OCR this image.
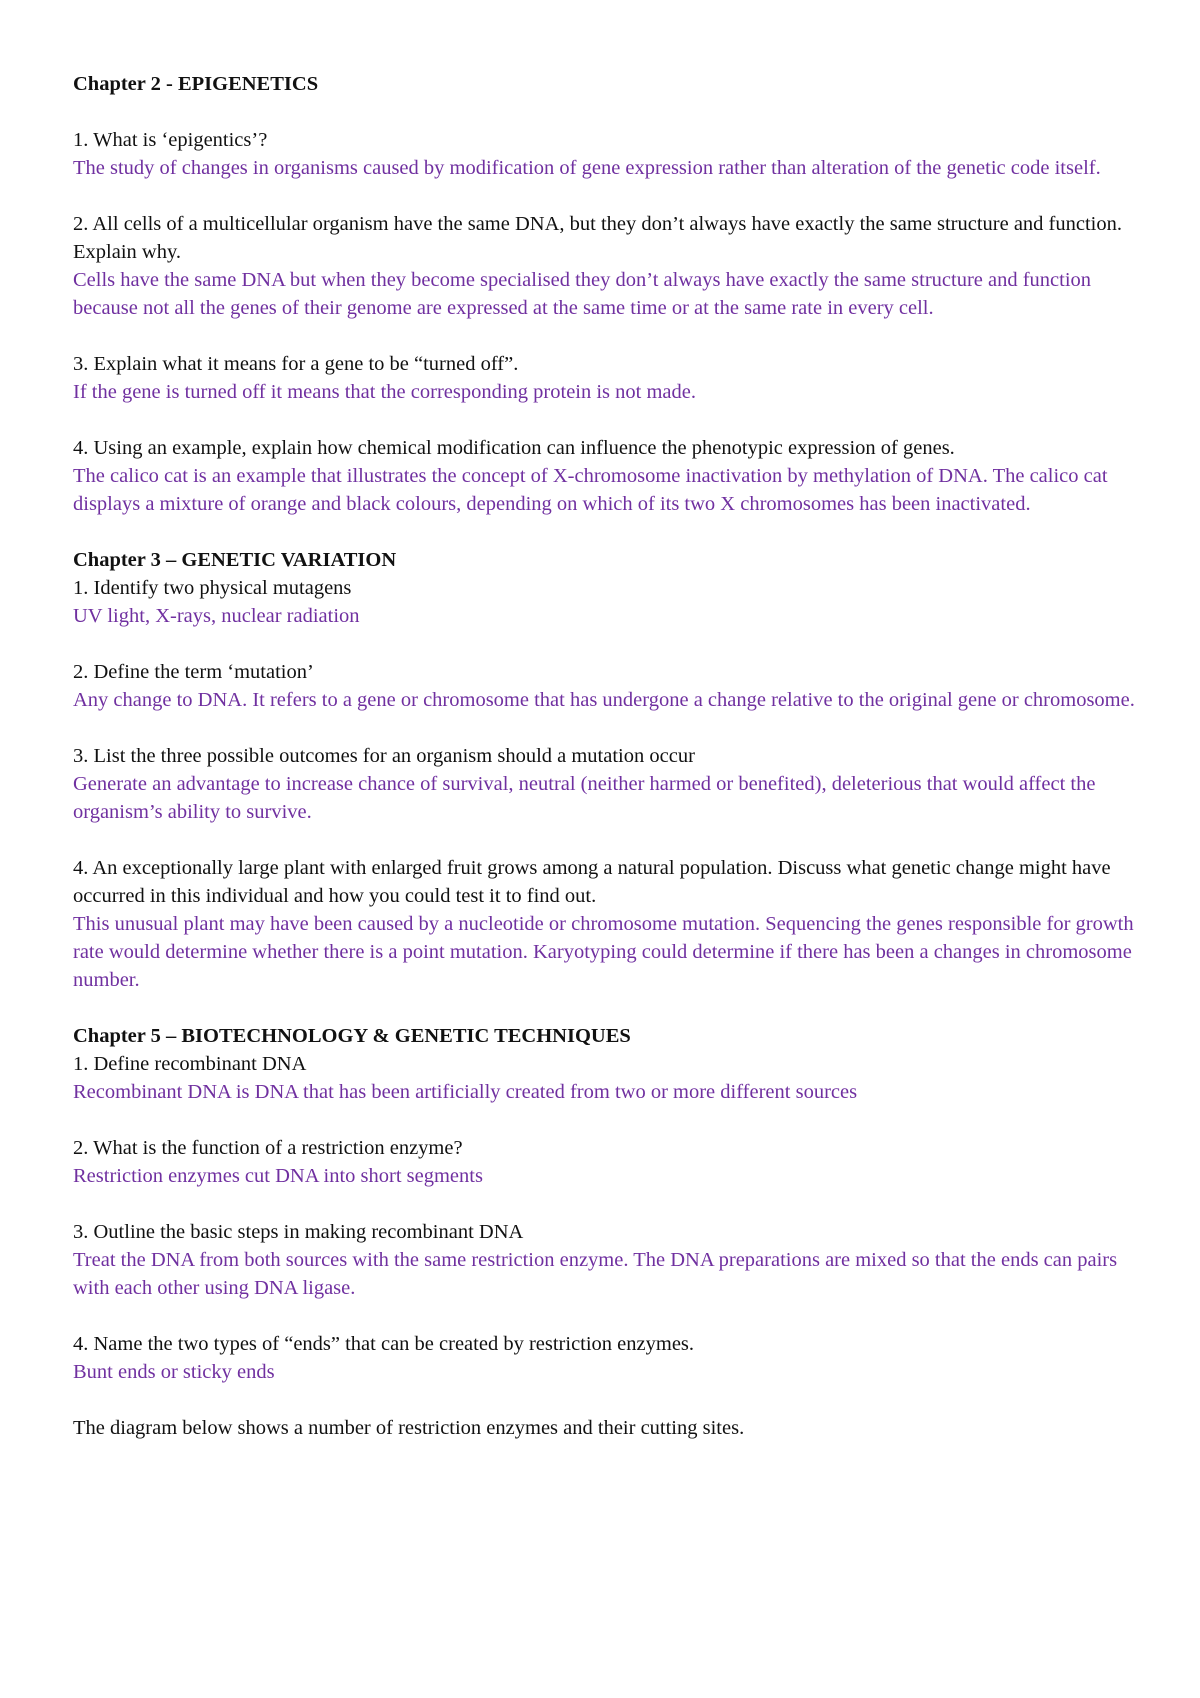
Chapter 2 - EPIGENETICS

1. What is ‘epigentics’?

The study of changes in organisms caused by modification of gene expression rather than alteration of the genetic code itself.

2. All cells of a multicellular organism have the same DNA, but they don’t always have exactly the same structure and function. Explain why.

Cells have the same DNA but when they become specialised they don’t always have exactly the same structure and function because not all the genes of their genome are expressed at the same time or at the same rate in every cell.

3. Explain what it means for a gene to be “turned off”.

If the gene is turned off it means that the corresponding protein is not made.

4. Using an example, explain how chemical modification can influence the phenotypic expression of genes.

The calico cat is an example that illustrates the concept of X-chromosome inactivation by methylation of DNA. The calico cat displays a mixture of orange and black colours, depending on which of its two X chromosomes has been inactivated.

Chapter 3 – GENETIC VARIATION

1. Identify two physical mutagens

UV light, X-rays, nuclear radiation

2. Define the term ‘mutation’

Any change to DNA. It refers to a gene or chromosome that has undergone a change relative to the original gene or chromosome.

3. List the three possible outcomes for an organism should a mutation occur

Generate an advantage to increase chance of survival, neutral (neither harmed or benefited), deleterious that would affect the organism’s ability to survive.

4. An exceptionally large plant with enlarged fruit grows among a natural population. Discuss what genetic change might have occurred in this individual and how you could test it to find out.

This unusual plant may have been caused by a nucleotide or chromosome mutation. Sequencing the genes responsible for growth rate would determine whether there is a point mutation. Karyotyping could determine if there has been a changes in chromosome number.

Chapter 5 – BIOTECHNOLOGY & GENETIC TECHNIQUES

1. Define recombinant DNA

Recombinant DNA is DNA that has been artificially created from two or more different sources

2. What is the function of a restriction enzyme?

Restriction enzymes cut DNA into short segments

3. Outline the basic steps in making recombinant DNA

Treat the DNA from both sources with the same restriction enzyme. The DNA preparations are mixed so that the ends can pairs with each other using DNA ligase.

4. Name the two types of “ends” that can be created by restriction enzymes.

Bunt ends or sticky ends

The diagram below shows a number of restriction enzymes and their cutting sites.
